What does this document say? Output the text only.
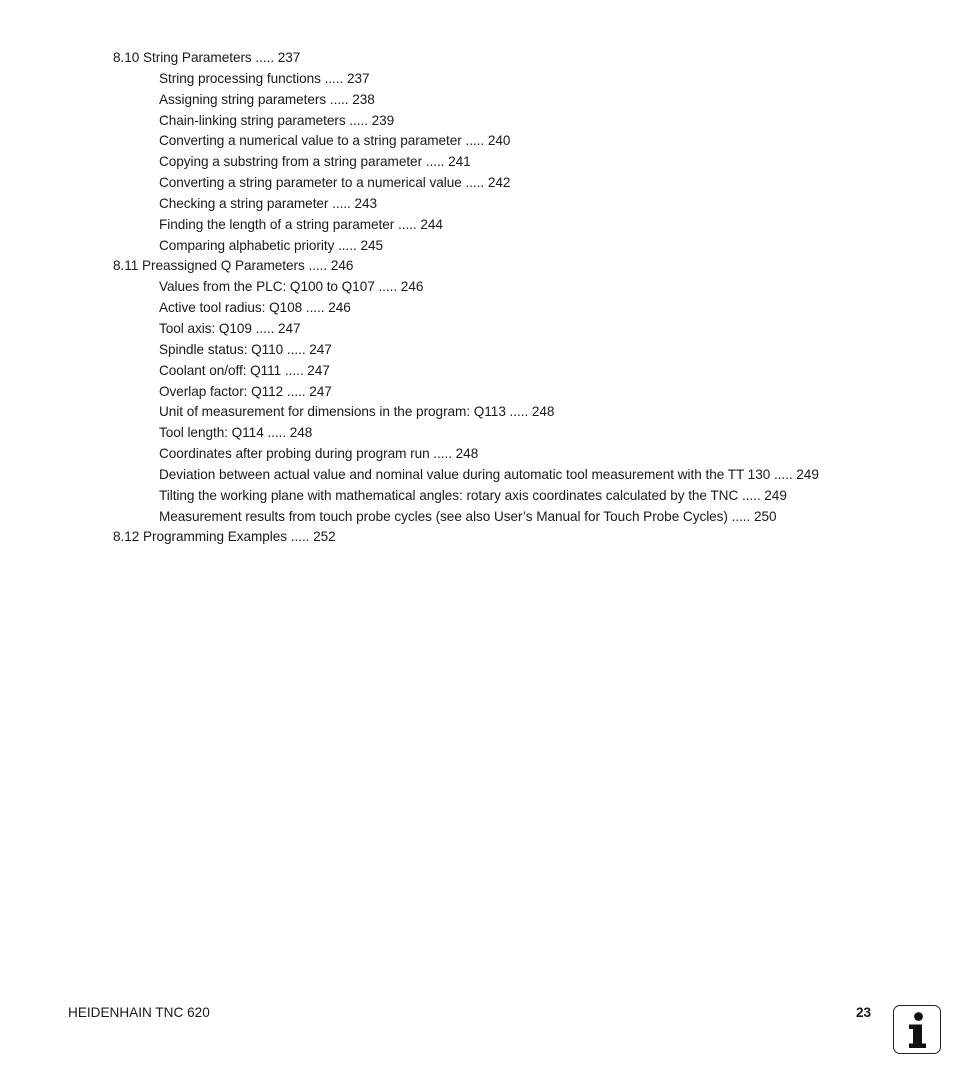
8.10 String Parameters ..... 237
String processing functions ..... 237
Assigning string parameters ..... 238
Chain-linking string parameters ..... 239
Converting a numerical value to a string parameter ..... 240
Copying a substring from a string parameter ..... 241
Converting a string parameter to a numerical value ..... 242
Checking a string parameter ..... 243
Finding the length of a string parameter ..... 244
Comparing alphabetic priority ..... 245
8.11 Preassigned Q Parameters ..... 246
Values from the PLC: Q100 to Q107 ..... 246
Active tool radius: Q108 ..... 246
Tool axis: Q109 ..... 247
Spindle status: Q110 ..... 247
Coolant on/off: Q111 ..... 247
Overlap factor: Q112 ..... 247
Unit of measurement for dimensions in the program: Q113 ..... 248
Tool length: Q114 ..... 248
Coordinates after probing during program run ..... 248
Deviation between actual value and nominal value during automatic tool measurement with the TT 130 ..... 249
Tilting the working plane with mathematical angles: rotary axis coordinates calculated by the TNC ..... 249
Measurement results from touch probe cycles (see also User’s Manual for Touch Probe Cycles) ..... 250
8.12 Programming Examples ..... 252
HEIDENHAIN TNC 620	23
